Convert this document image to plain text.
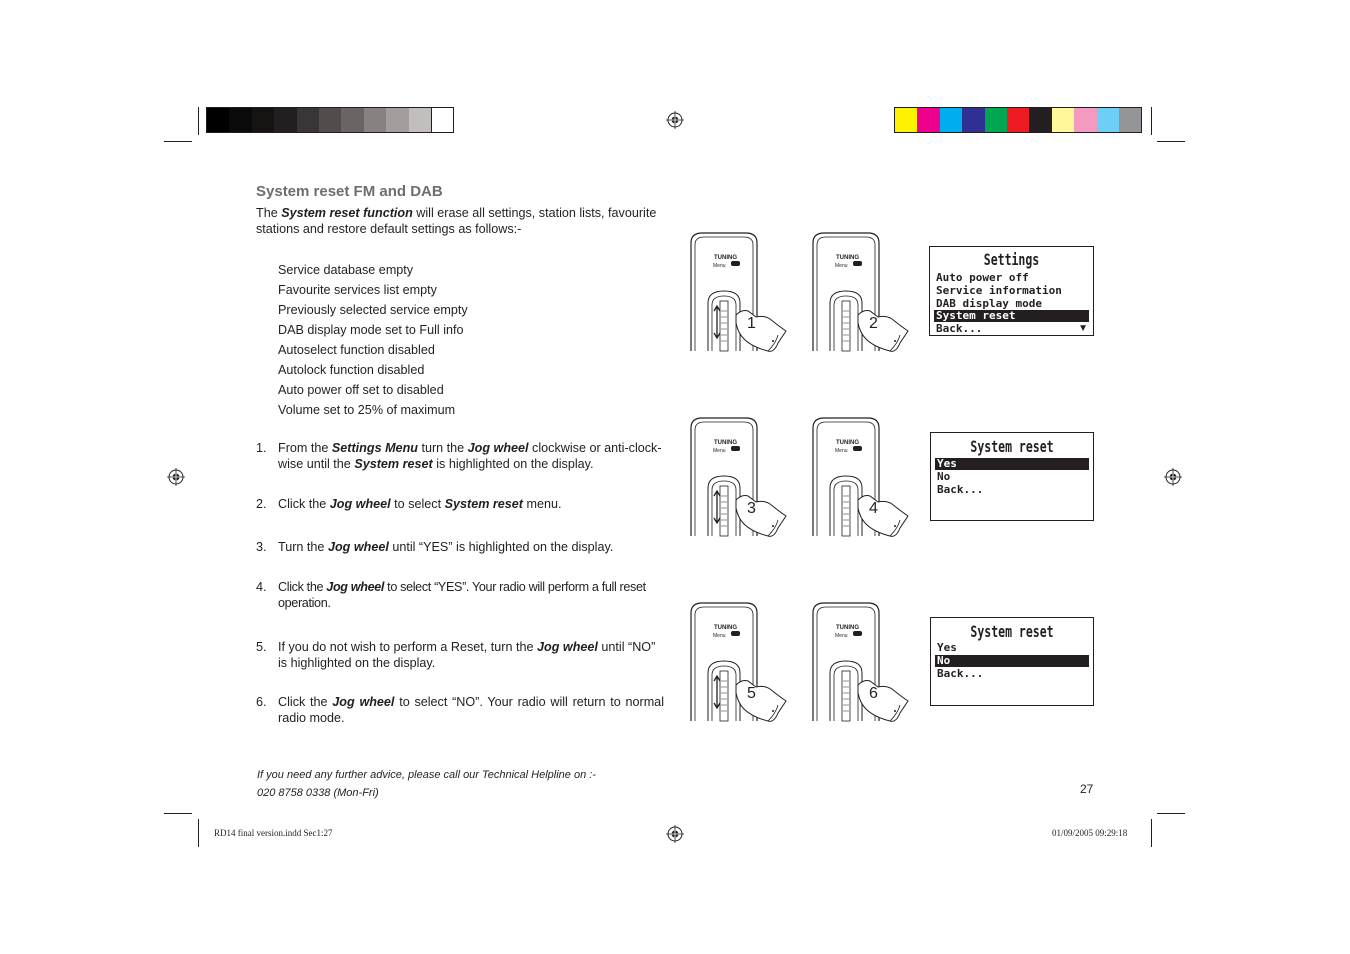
System reset FM and DAB
The System reset function will erase all settings, station lists, favourite stations and restore default settings as follows:-
Service database empty
Favourite services list empty
Previously selected service empty
DAB display mode set to Full info
Autoselect function disabled
Autolock function disabled
Auto power off set to disabled
Volume set to 25% of maximum
1. From the Settings Menu turn the Jog wheel clockwise or anti-clock-wise until the System reset is highlighted on the display.
2. Click the Jog wheel to select System reset menu.
3. Turn the Jog wheel until “YES” is highlighted on the display.
4. Click the Jog wheel to select “YES”. Your radio will perform a full reset operation.
5. If you do not wish to perform a Reset, turn the Jog wheel until “NO” is highlighted on the display.
6. Click the Jog wheel to select “NO”. Your radio will return to normal radio mode.
TUNING
Menu
1
TUNING
Menu
2
TUNING
Menu
3
TUNING
Menu
4
TUNING
Menu
5
TUNING
Menu
6
Settings
Auto power off
Service information
DAB display mode
System reset
Back...	▼
System reset
Yes
No
Back...
System reset
Yes
No
Back...
If you need any further advice, please call our Technical Helpline on :-
020 8758 0338 (Mon-Fri)	27
RD14 final version.indd Sec1:27	01/09/2005 09:29:18
